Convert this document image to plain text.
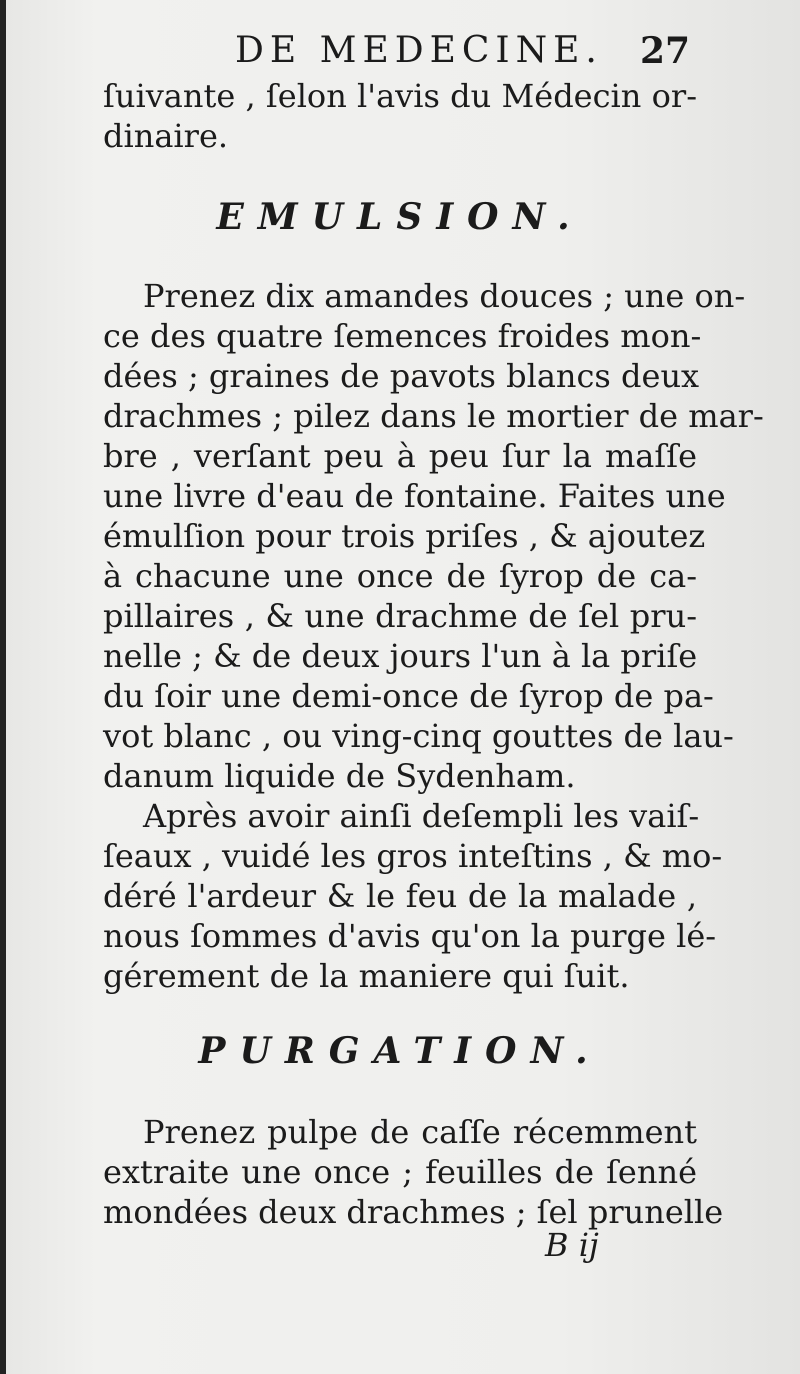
DE MEDECINE. 27
ſuivante , ſelon l'avis du Médecin or-
dinaire.
EMULSION.
Prenez dix amandes douces ; une on-
ce des quatre ſemences froides mon-
dées ; graines de pavots blancs deux
drachmes ; pilez dans le mortier de mar-
bre , verſant peu à peu ſur la maſſe
une livre d'eau de fontaine. Faites une
émulſion pour trois priſes , & ajoutez
à chacune une once de ſyrop de ca-
pillaires , & une drachme de ſel pru-
nelle ; & de deux jours l'un à la priſe
du ſoir une demi-once de ſyrop de pa-
vot blanc , ou ving-cinq gouttes de lau-
danum liquide de Sydenham.
Après avoir ainſi deſempli les vaiſ-
ſeaux , vuidé les gros inteſtins , & mo-
déré l'ardeur & le feu de la malade ,
nous ſommes d'avis qu'on la purge lé-
gérement de la maniere qui ſuit.
PURGATION.
Prenez pulpe de caſſe récemment
extraite une once ; feuilles de ſenné
mondées deux drachmes ; ſel prunelle
B ij
